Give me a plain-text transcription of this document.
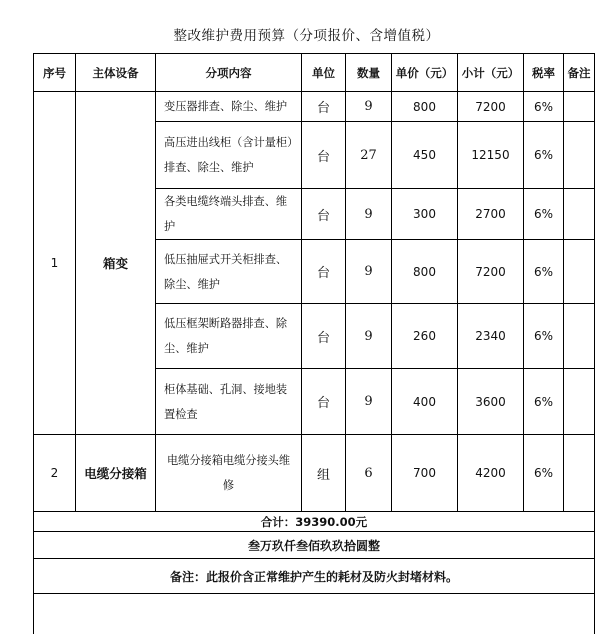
整改维护费用预算（分项报价、含增值税）
序号	主体设备	分项内容	单位	数量	单价（元）	小计（元）	税率	备注
1	箱变	变压器排查、除尘、维护	台	9	800	7200	6%	
		高压进出线柜（含计量柜）排查、除尘、维护	台	27	450	12150	6%	
		各类电缆终端头排查、维护	台	9	300	2700	6%	
		低压抽屉式开关柜排查、除尘、维护	台	9	800	7200	6%	
		低压框架断路器排查、除尘、维护	台	9	260	2340	6%	
		柜体基础、孔洞、接地装置检查	台	9	400	3600	6%	
2	电缆分接箱	电缆分接箱电缆分接头维修	组	6	700	4200	6%	
合计：39390.00元								
叁万玖仟叁佰玖玖拾圆整								
备注：此报价含正常维护产生的耗材及防火封堵材料。								
